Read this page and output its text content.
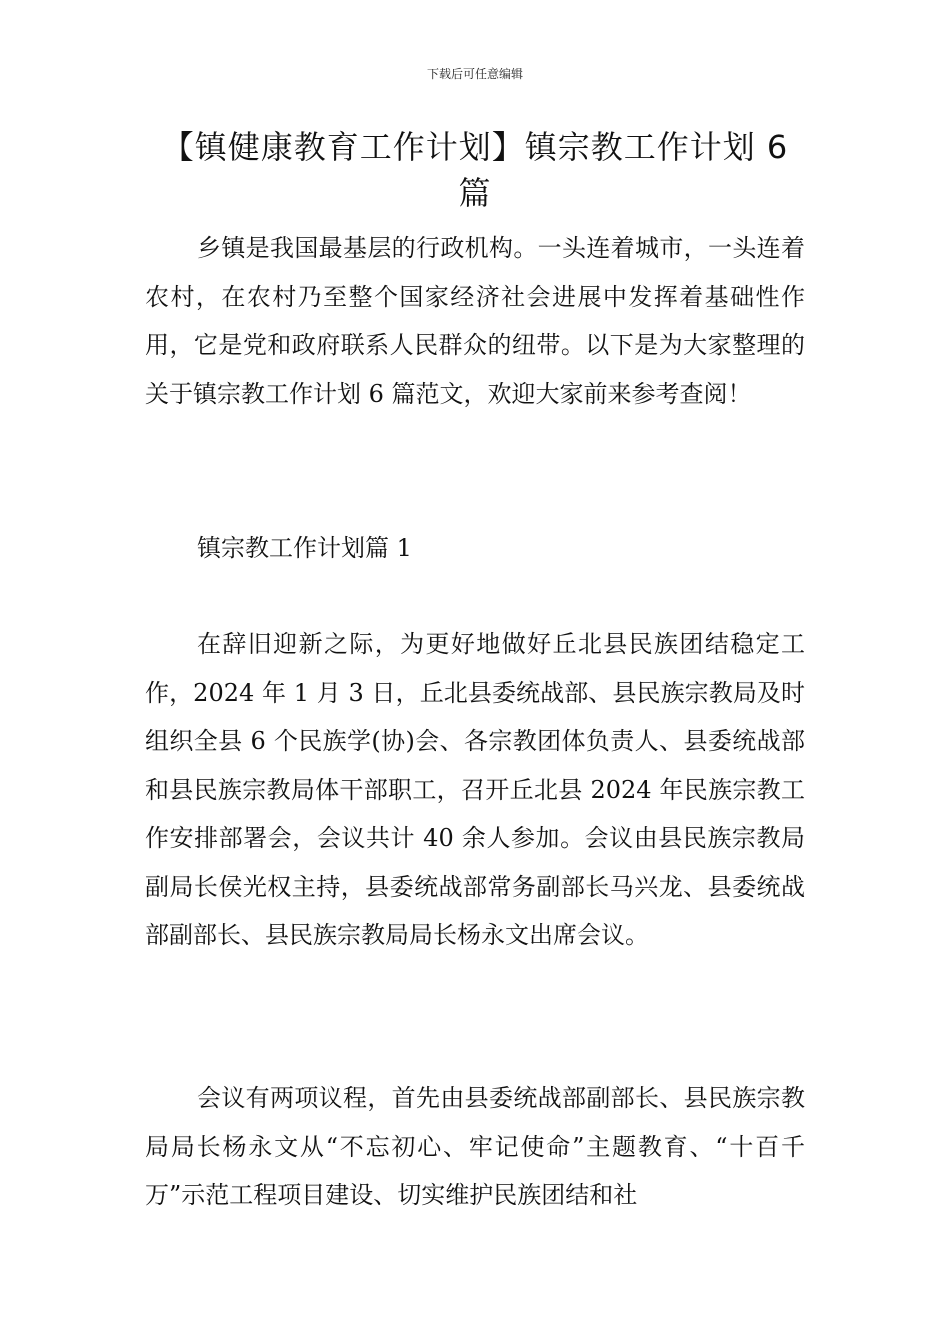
下载后可任意编辑
【镇健康教育工作计划】镇宗教工作计划 6 篇

乡镇是我国最基层的行政机构。一头连着城市，一头连着农村，在农村乃至整个国家经济社会进展中发挥着基础性作用，它是党和政府联系人民群众的纽带。以下是为大家整理的关于镇宗教工作计划 6 篇范文，欢迎大家前来参考查阅！

镇宗教工作计划篇 1

在辞旧迎新之际，为更好地做好丘北县民族团结稳定工作，2024 年 1 月 3 日，丘北县委统战部、县民族宗教局及时组织全县 6 个民族学(协)会、各宗教团体负责人、县委统战部和县民族宗教局体干部职工，召开丘北县 2024 年民族宗教工作安排部署会，会议共计 40 余人参加。会议由县民族宗教局副局长侯光权主持，县委统战部常务副部长马兴龙、县委统战部副部长、县民族宗教局局长杨永文出席会议。

会议有两项议程，首先由县委统战部副部长、县民族宗教局局长杨永文从“不忘初心、牢记使命”主题教育、“十百千万”示范工程项目建设、切实维护民族团结和社
